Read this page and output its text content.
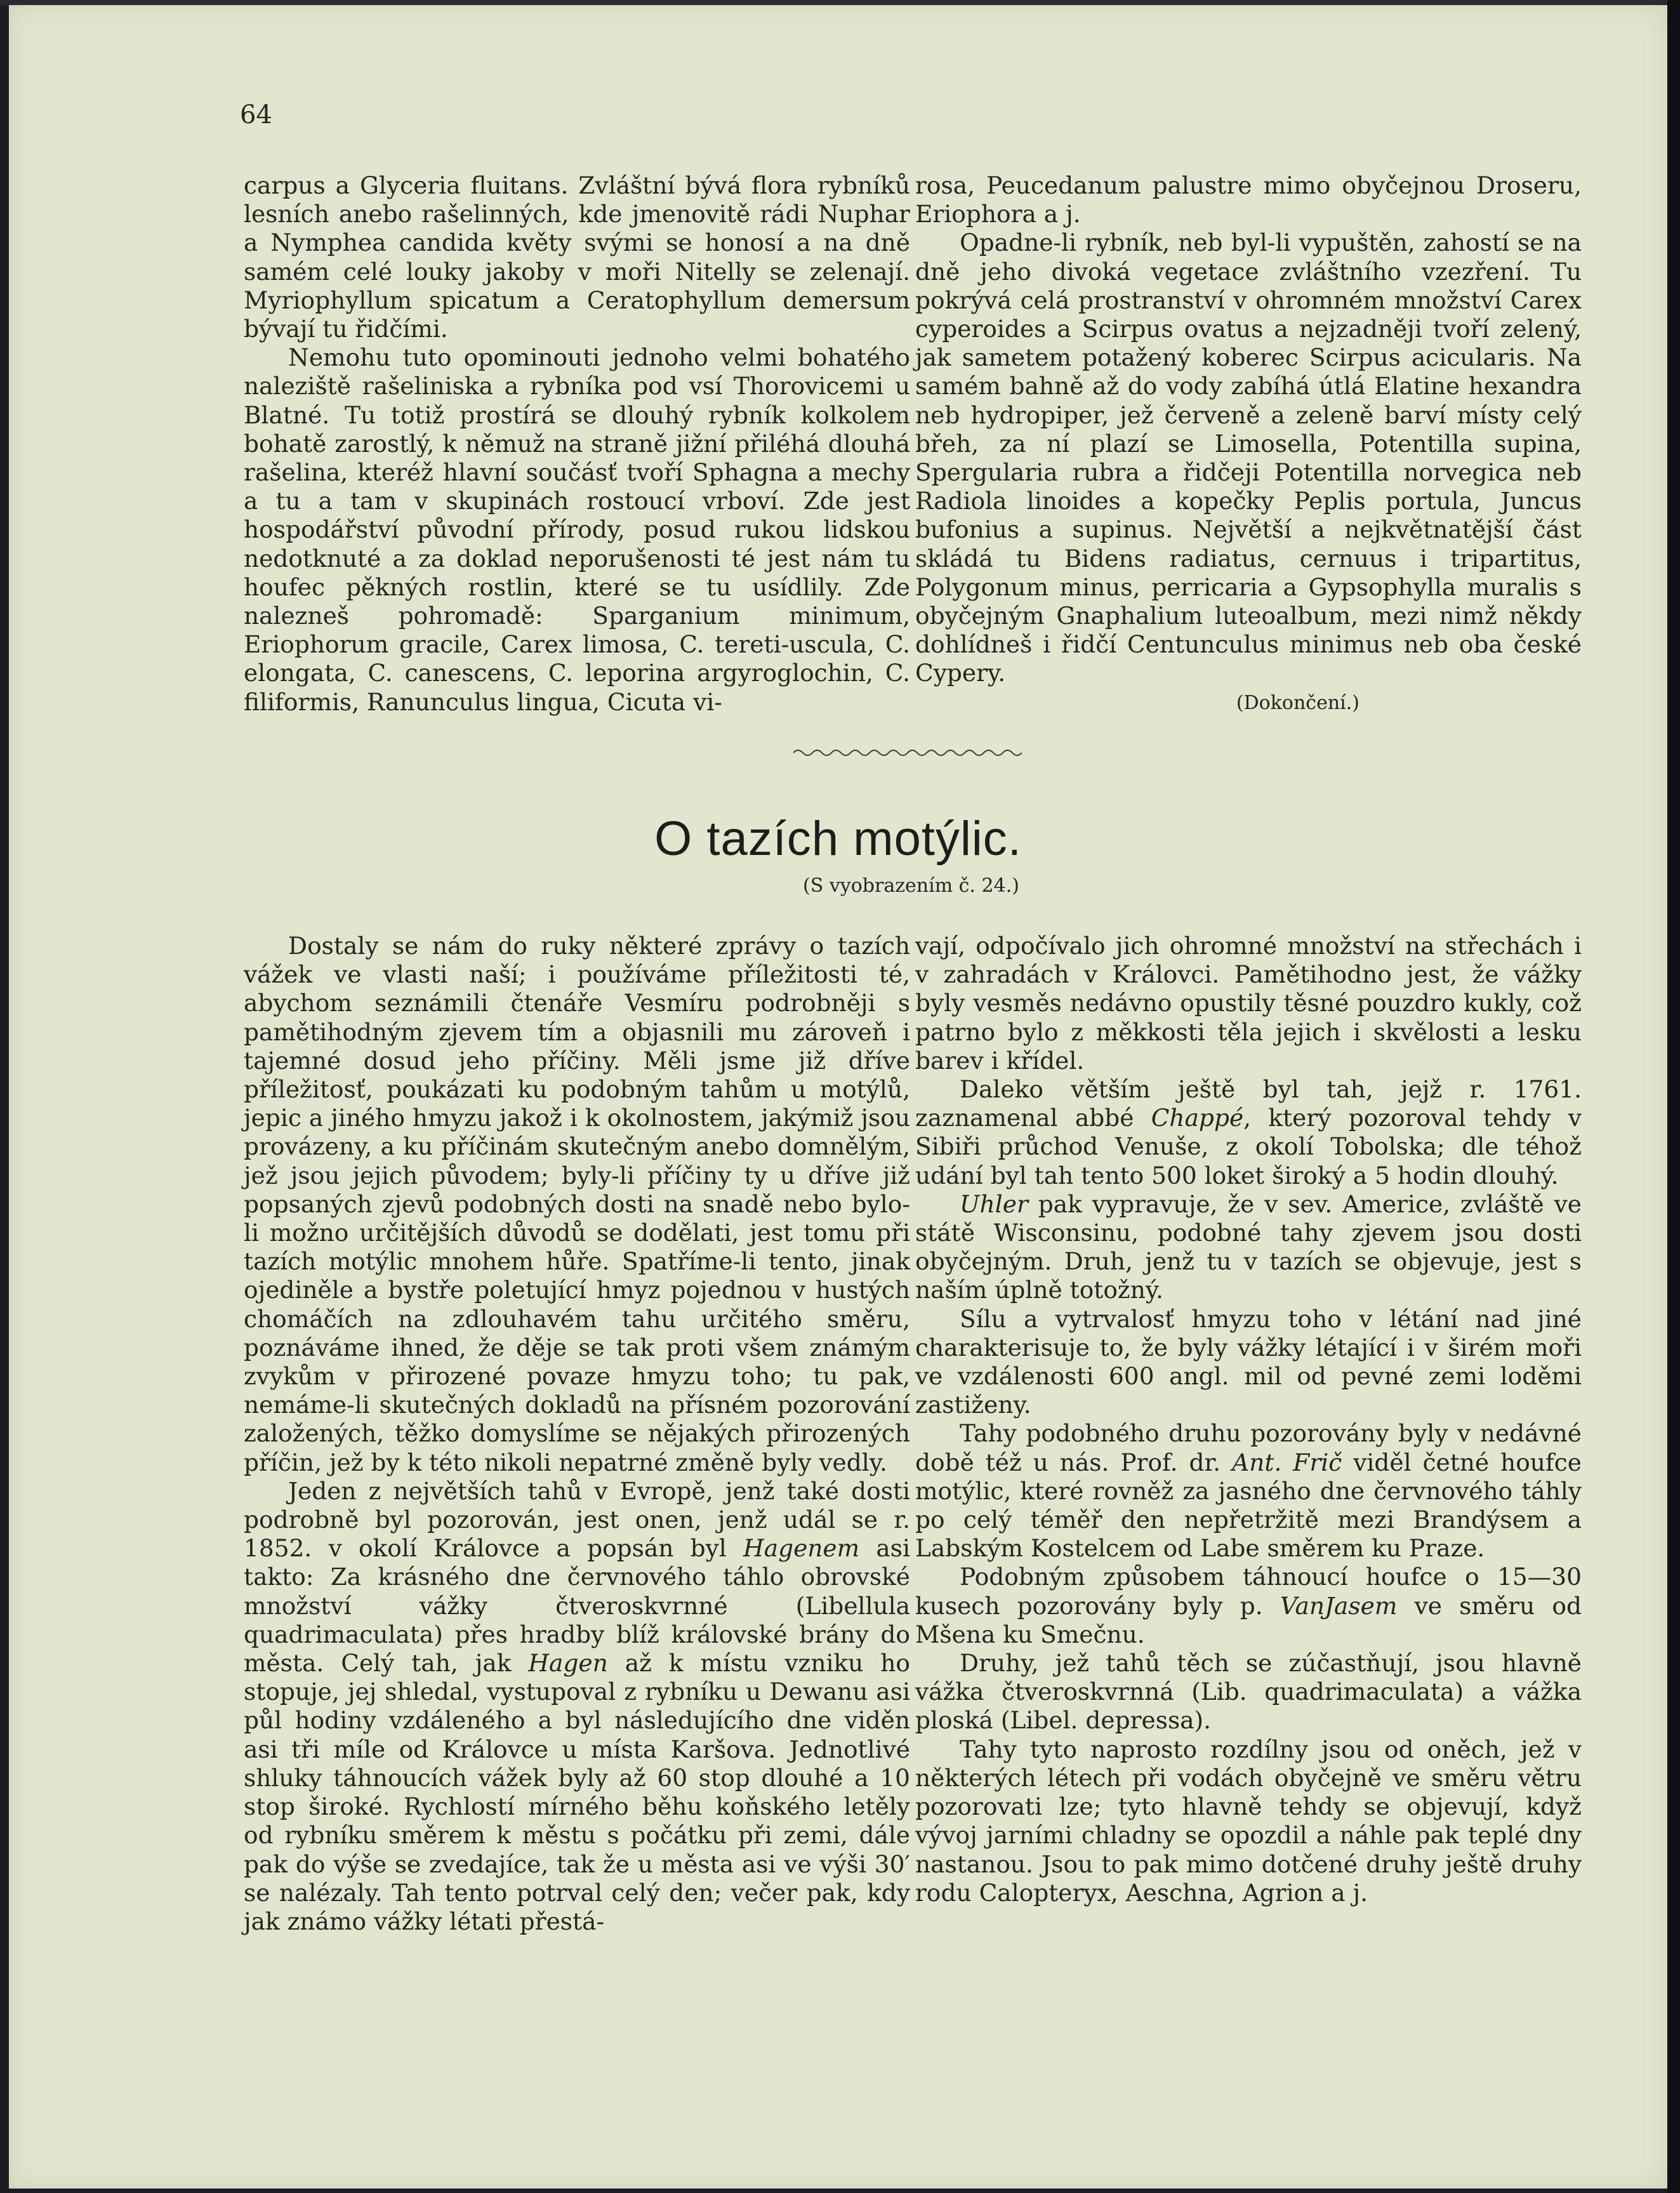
64

carpus a Glyceria fluitans. Zvláštní bývá flora rybníků lesních anebo rašelinných, kde jmenovitě rádi Nuphar a Nymphea candida květy svými se honosí a na dně samém celé louky jakoby v moři Nitelly se zelenají. Myriophyllum spicatum a Ceratophyllum demersum bývají tu řidčími.

Nemohu tuto opominouti jednoho velmi bohatého naleziště rašeliniska a rybníka pod vsí Thorovicemi u Blatné. Tu totiž prostírá se dlouhý rybník kolkolem bohatě zarostlý, k němuž na straně jižní přiléhá dlouhá rašelina, kteréž hlavní součásť tvoří Sphagna a mechy a tu a tam v skupinách rostoucí vrboví. Zde jest hospodářství původní přírody, posud rukou lidskou nedotknuté a za doklad neporušenosti té jest nám tu houfec pěkných rostlin, které se tu usídlily. Zde nalezneš pohromadě: Sparganium minimum, Eriophorum gracile, Carex limosa, C. tereti-uscula, C. elongata, C. canescens, C. leporina argyroglochin, C. filiformis, Ranunculus lingua, Cicuta vi-

rosa, Peucedanum palustre mimo obyčejnou Droseru, Eriophora a j.

Opadne-li rybník, neb byl-li vypuštěn, zahostí se na dně jeho divoká vegetace zvláštního vzezření. Tu pokrývá celá prostranství v ohromném množství Carex cyperoides a Scirpus ovatus a nejzadněji tvoří zelený, jak sametem potažený koberec Scirpus acicularis. Na samém bahně až do vody zabíhá útlá Elatine hexandra neb hydropiper, jež červeně a zeleně barví místy celý břeh, za ní plazí se Limosella, Potentilla supina, Spergularia rubra a řidčeji Potentilla norvegica neb Radiola linoides a kopečky Peplis portula, Juncus bufonius a supinus. Největší a nejkvětnatější část skládá tu Bidens radiatus, cernuus i tripartitus, Polygonum minus, perricaria a Gypsophylla muralis s obyčejným Gnaphalium luteoalbum, mezi nimž někdy dohlídneš i řidčí Centunculus minimus neb oba české Cypery.

(Dokončení.)

O tazích motýlic.
(S vyobrazením č. 24.)

Dostaly se nám do ruky některé zprávy o tazích vážek ve vlasti naší; i používáme příležitosti té, abychom seznámili čtenáře Vesmíru podrobněji s pamětihodným zjevem tím a objasnili mu zároveň i tajemné dosud jeho příčiny. Měli jsme již dříve příležitosť, poukázati ku podobným tahům u motýlů, jepic a jiného hmyzu jakož i k okolnostem, jakýmiž jsou provázeny, a ku příčinám skutečným anebo domnělým, jež jsou jejich původem; byly-li příčiny ty u dříve již popsaných zjevů podobných dosti na snadě nebo bylo-li možno určitějších důvodů se dodělati, jest tomu při tazích motýlic mnohem hůře. Spatříme-li tento, jinak ojediněle a bystře poletující hmyz pojednou v hustých chomáčích na zdlouhavém tahu určitého směru, poznáváme ihned, že děje se tak proti všem známým zvykům v přirozené povaze hmyzu toho; tu pak, nemáme-li skutečných dokladů na přísném pozorování založených, těžko domyslíme se nějakých přirozených příčin, jež by k této nikoli nepatrné změně byly vedly.

Jeden z největších tahů v Evropě, jenž také dosti podrobně byl pozorován, jest onen, jenž udál se r. 1852. v okolí Královce a popsán byl Hagenem asi takto: Za krásného dne červnového táhlo obrovské množství vážky čtveroskvrnné (Libellula quadrimaculata) přes hradby blíž královské brány do města. Celý tah, jak Hagen až k místu vzniku ho stopuje, jej shledal, vystupoval z rybníku u Dewanu asi půl hodiny vzdáleného a byl následujícího dne viděn asi tři míle od Královce u místa Karšova. Jednotlivé shluky táhnoucích vážek byly až 60 stop dlouhé a 10 stop široké. Rychlostí mírného běhu koňského letěly od rybníku směrem k městu s počátku při zemi, dále pak do výše se zvedajíce, tak že u města asi ve výši 30′ se nalézaly. Tah tento potrval celý den; večer pak, kdy jak známo vážky létati přestá-

vají, odpočívalo jich ohromné množství na střechách i v zahradách v Královci. Pamětihodno jest, že vážky byly vesměs nedávno opustily těsné pouzdro kukly, což patrno bylo z měkkosti těla jejich i skvělosti a lesku barev i křídel.

Daleko větším ještě byl tah, jejž r. 1761. zaznamenal abbé Chappé, který pozoroval tehdy v Sibiři průchod Venuše, z okolí Tobolska; dle téhož udání byl tah tento 500 loket široký a 5 hodin dlouhý.

Uhler pak vypravuje, že v sev. Americe, zvláště ve státě Wisconsinu, podobné tahy zjevem jsou dosti obyčejným. Druh, jenž tu v tazích se objevuje, jest s naším úplně totožný.

Sílu a vytrvalosť hmyzu toho v létání nad jiné charakterisuje to, že byly vážky létající i v širém moři ve vzdálenosti 600 angl. mil od pevné zemi loděmi zastiženy.

Tahy podobného druhu pozorovány byly v nedávné době též u nás. Prof. dr. Ant. Frič viděl četné houfce motýlic, které rovněž za jasného dne červnového táhly po celý téměř den nepřetržitě mezi Brandýsem a Labským Kostelcem od Labe směrem ku Praze.

Podobným způsobem táhnoucí houfce o 15—30 kusech pozorovány byly p. VanJasem ve směru od Mšena ku Smečnu.

Druhy, jež tahů těch se zúčastňují, jsou hlavně vážka čtveroskvrnná (Lib. quadrimaculata) a vážka ploská (Libel. depressa).

Tahy tyto naprosto rozdílny jsou od oněch, jež v některých létech při vodách obyčejně ve směru větru pozorovati lze; tyto hlavně tehdy se objevují, když vývoj jarními chladny se opozdil a náhle pak teplé dny nastanou. Jsou to pak mimo dotčené druhy ještě druhy rodu Calopteryx, Aeschna, Agrion a j.
